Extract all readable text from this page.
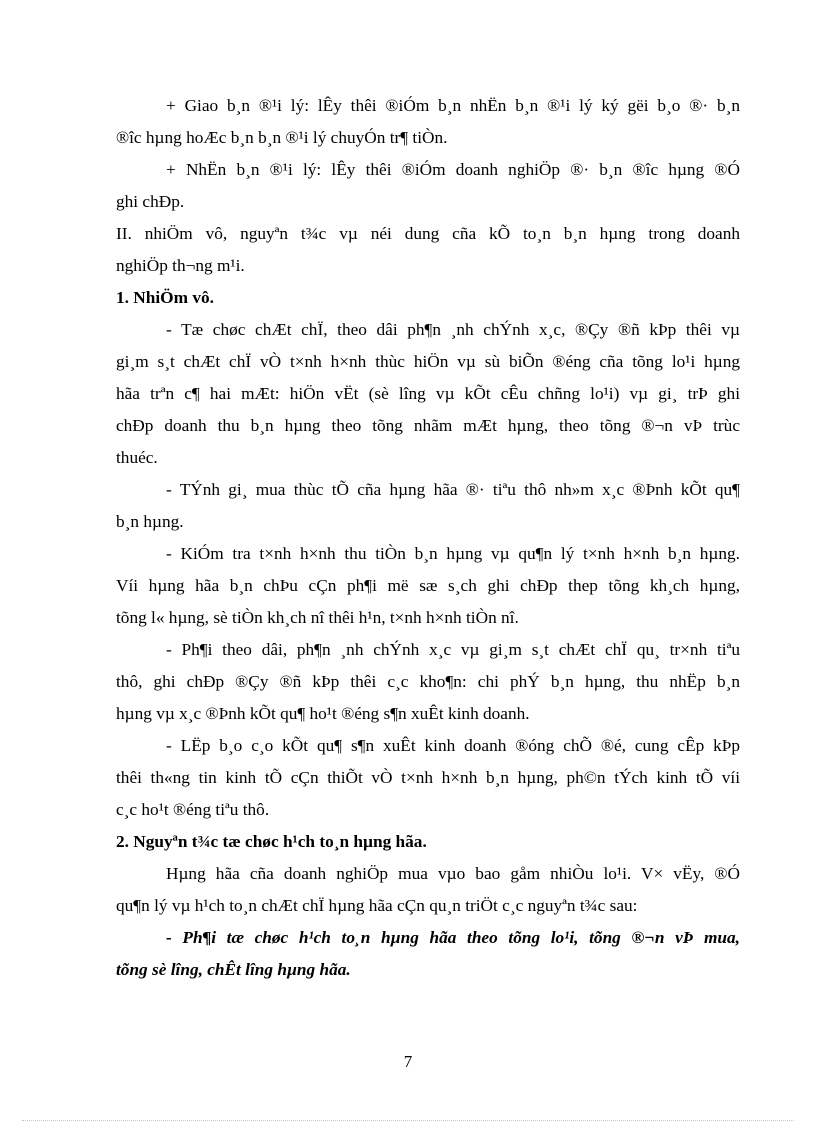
+ Giao b¸n ®¹i lý: lÊy thêi ®iÓm b¸n nhËn b¸n ®¹i lý ký gëi b¸o ®· b¸n
®îc hµng hoÆc b¸n b¸n ®¹i lý chuyÓn tr¶ tiÒn.
+ NhËn b¸n ®¹i lý: lÊy thêi ®iÓm doanh nghiÖp ®· b¸n ®îc hµng ®Ó
ghi chÐp.
II. nhiÖm vô, nguyªn t¾c vµ néi dung cña kÕ to¸n b¸n hµng trong doanh
nghiÖp th¬ng m¹i.
1. NhiÖm vô.
- Tæ chøc chÆt chÏ, theo dâi ph¶n ¸nh chÝnh x¸c, ®Çy ®ñ kÞp thêi vµ
gi¸m s¸t chÆt chÏ vÒ t×nh h×nh thùc hiÖn vµ sù biÕn ®éng cña tõng lo¹i hµng
hãa trªn c¶ hai mÆt: hiÖn vËt (sè lîng vµ kÕt cÊu chñng lo¹i) vµ gi¸ trÞ ghi
chÐp doanh thu b¸n hµng theo tõng nhãm mÆt hµng, theo tõng ®¬n vÞ trùc
thuéc.
- TÝnh gi¸ mua thùc tÕ cña hµng hãa ®· tiªu thô nh»m x¸c ®Þnh kÕt qu¶
b¸n hµng.
- KiÓm tra t×nh h×nh thu tiÒn b¸n hµng vµ qu¶n lý t×nh h×nh b¸n hµng.
Víi hµng hãa b¸n chÞu cÇn ph¶i më sæ s¸ch ghi chÐp thep tõng kh¸ch hµng,
tõng l« hµng, sè tiÒn kh¸ch nî thêi h¹n, t×nh h×nh tiÒn nî.
- Ph¶i theo dâi, ph¶n ¸nh chÝnh x¸c vµ gi¸m s¸t chÆt chÏ qu¸ tr×nh tiªu
thô, ghi chÐp ®Çy ®ñ kÞp thêi c¸c kho¶n: chi phÝ b¸n hµng, thu nhËp b¸n
hµng vµ x¸c ®Þnh kÕt qu¶ ho¹t ®éng s¶n xuÊt kinh doanh.
- LËp b¸o c¸o kÕt qu¶ s¶n xuÊt kinh doanh ®óng chÕ ®é, cung cÊp kÞp
thêi th«ng tin kinh tÕ cÇn thiÕt vÒ t×nh h×nh b¸n hµng, ph©n tÝch kinh tÕ víi
c¸c ho¹t ®éng tiªu thô.
2. Nguyªn t¾c tæ chøc h¹ch to¸n hµng hãa.
Hµng hãa cña doanh nghiÖp mua vµo bao gåm nhiÒu lo¹i. V× vËy, ®Ó
qu¶n lý vµ h¹ch to¸n chÆt chÏ hµng hãa cÇn qu¸n triÖt c¸c nguyªn t¾c sau:
- Ph¶i tæ chøc h¹ch to¸n hµng hãa theo tõng lo¹i, tõng ®¬n vÞ mua,
tõng sè lîng, chÊt lîng hµng hãa.
7
